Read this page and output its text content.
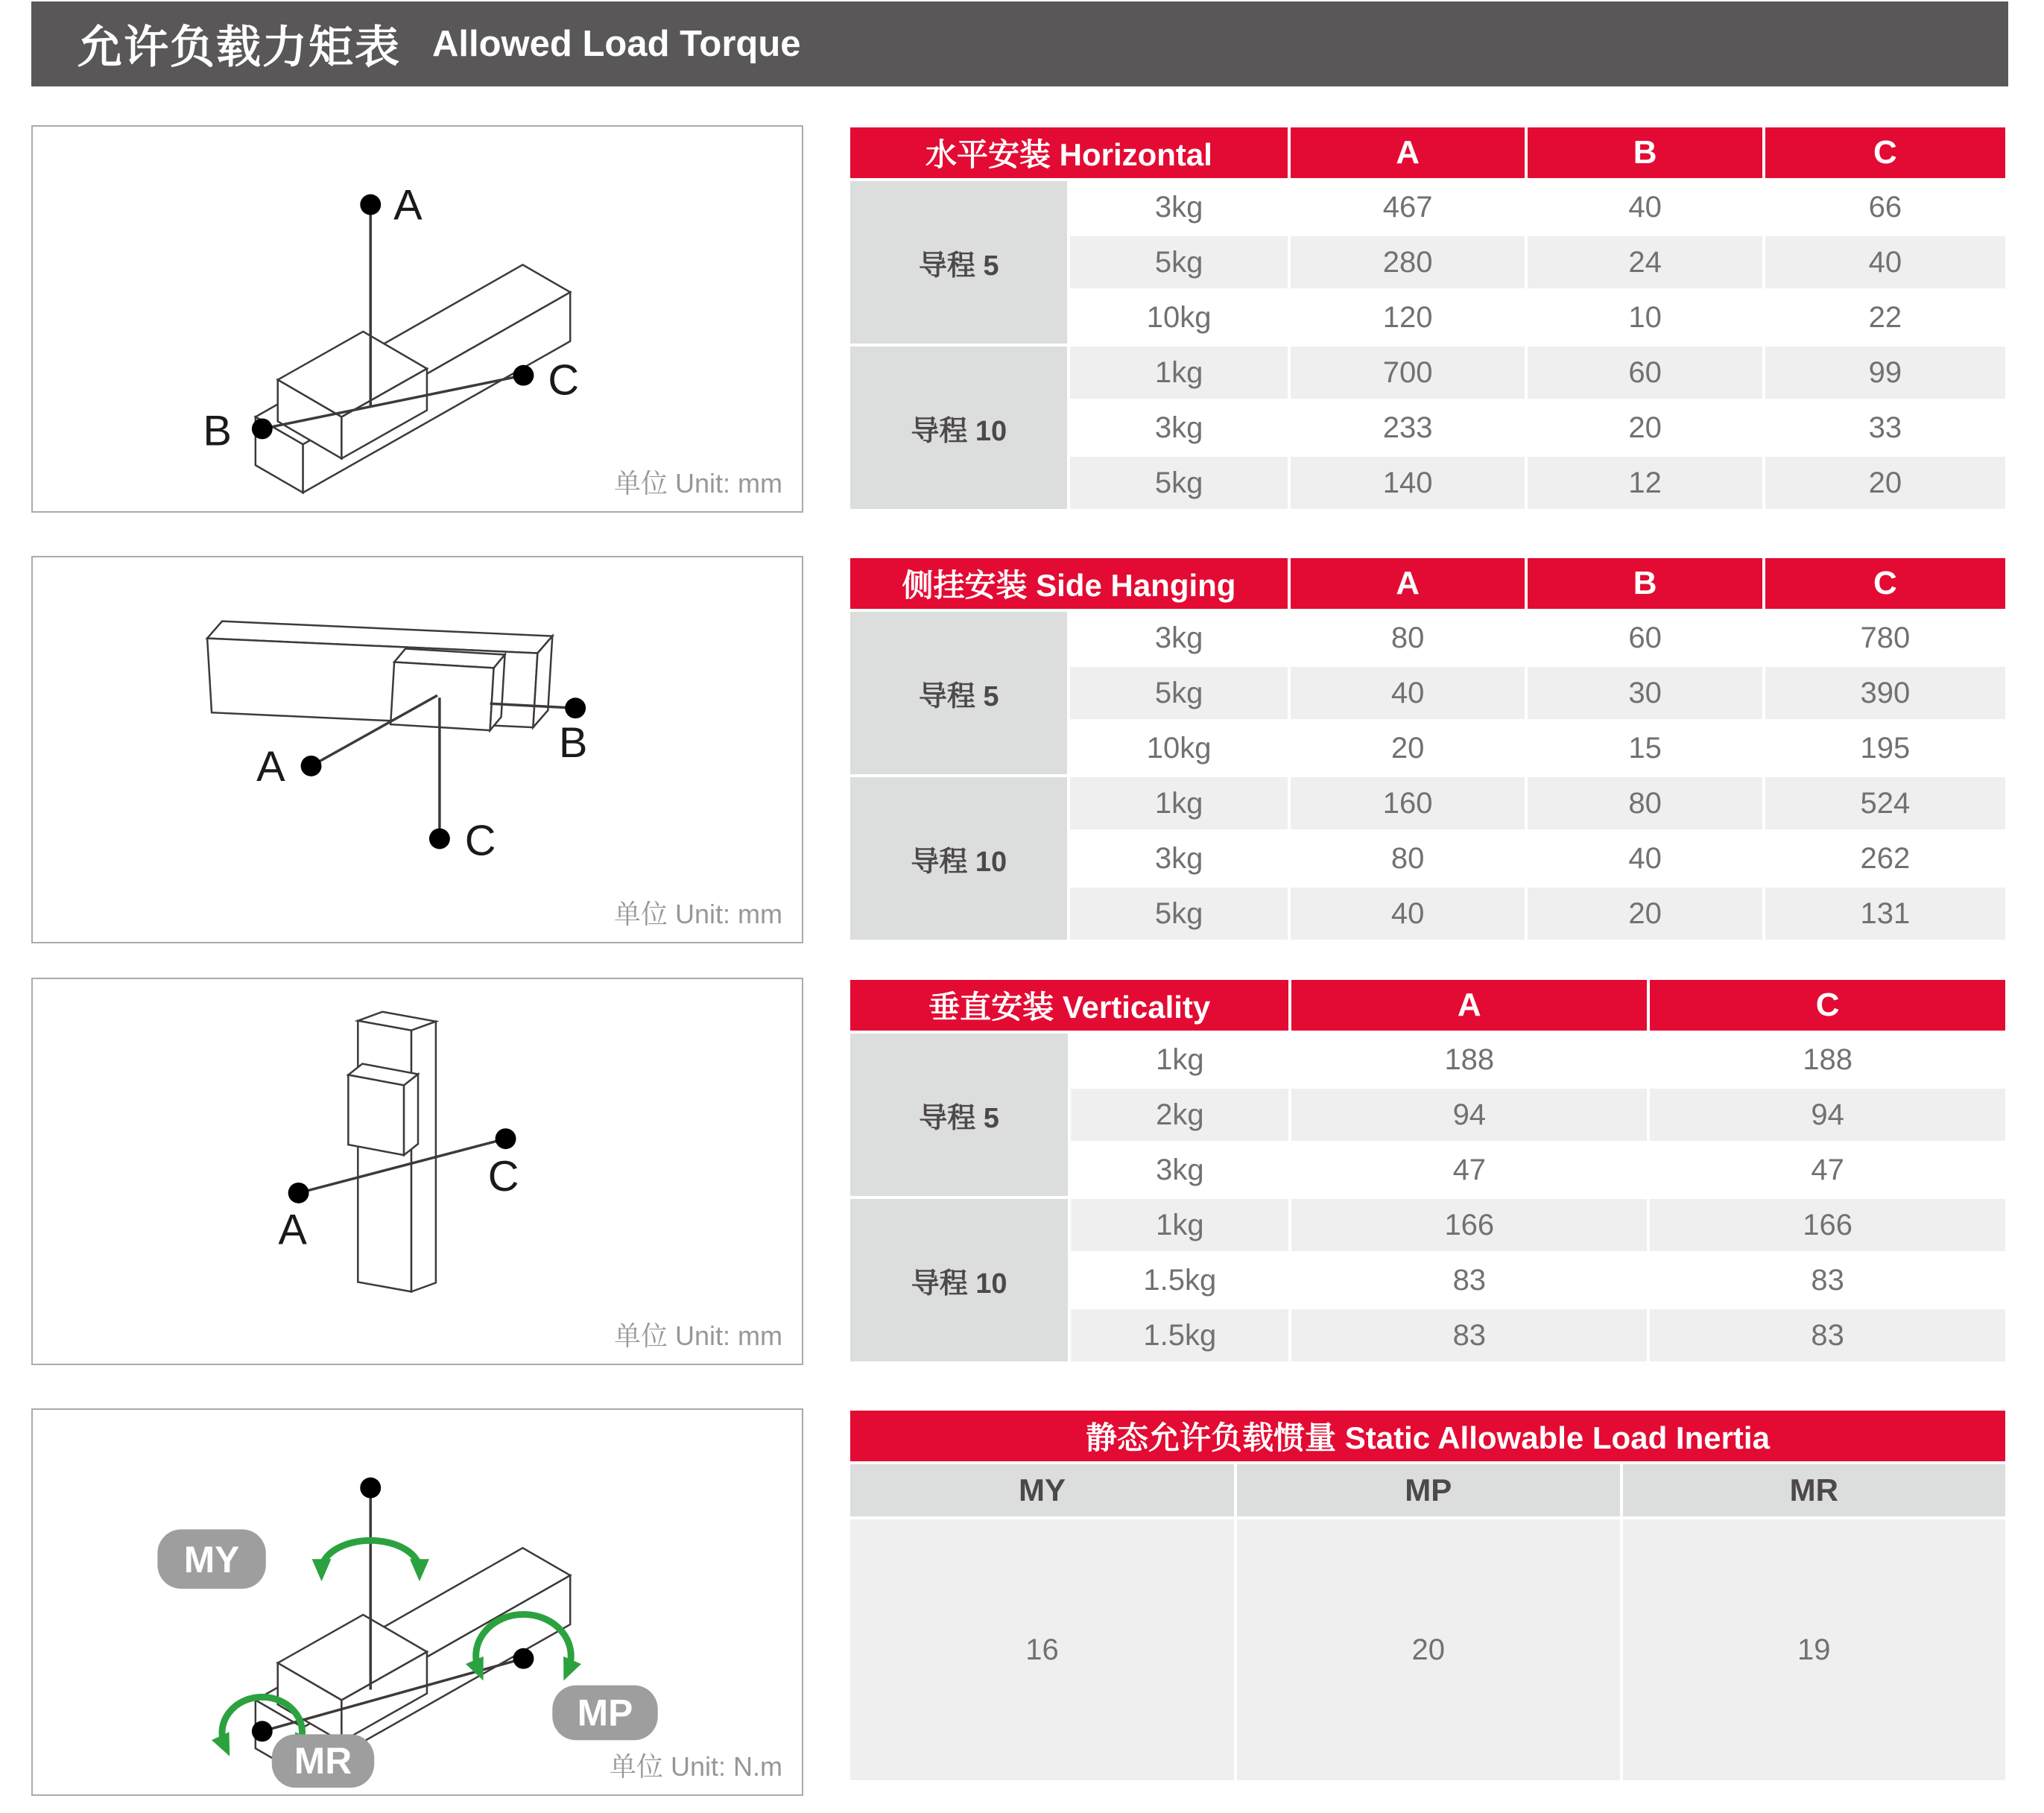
允许负载力矩表 Allowed Load Torque
A
B
C
单位 Unit: mm
A	B
C
单位 Unit: mm
A
C
单位 Unit: mm
MY
MP
MR	单位 Unit: N.m
水平安装 Horizontal		A	B	C
导程 5	3kg	467	40	66
	5kg	280	24	40
	10kg	120	10	22
导程 10	1kg	700	60	99
	3kg	233	20	33
	5kg	140	12	20
侧挂安装 Side Hanging		A	B	C
导程 5	3kg	80	60	780
	5kg	40	30	390
	10kg	20	15	195
导程 10	1kg	160	80	524
	3kg	80	40	262
	5kg	40	20	131
垂直安装 Verticality		A	C
导程 5	1kg	188	188
	2kg	94	94
	3kg	47	47
导程 10	1kg	166	166
	1.5kg	83	83
	1.5kg	83	83
静态允许负载惯量 Static Allowable Load Inertia		
MY	MP	MR
16	20	19
